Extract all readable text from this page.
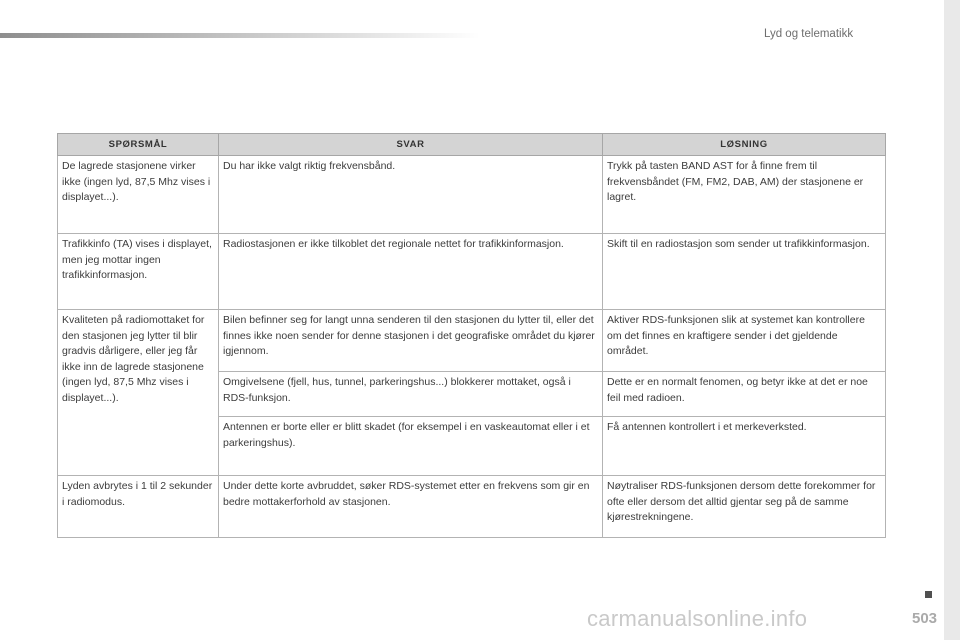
Lyd og telematikk
SPØRSMÅL	SVAR	LØSNING
De lagrede stasjonene virker ikke (ingen lyd, 87,5 Mhz vises i displayet...).	Du har ikke valgt riktig frekvensbånd.	Trykk på tasten BAND AST for å finne frem til frekvensbåndet (FM, FM2, DAB, AM) der stasjonene er lagret.
Trafikkinfo (TA) vises i displayet, men jeg mottar ingen trafikkinformasjon.	Radiostasjonen er ikke tilkoblet det regionale nettet for trafikkinformasjon.	Skift til en radiostasjon som sender ut trafikkinformasjon.
Kvaliteten på radiomottaket for den stasjonen jeg lytter til blir gradvis dårligere, eller jeg får ikke inn de lagrede stasjonene (ingen lyd, 87,5 Mhz vises i displayet...).	Bilen befinner seg for langt unna senderen til den stasjonen du lytter til, eller det finnes ikke noen sender for denne stasjonen i det geografiske området du kjører igjennom.	Aktiver RDS-funksjonen slik at systemet kan kontrollere om det finnes en kraftigere sender i det gjeldende området.
	Omgivelsene (fjell, hus, tunnel, parkeringshus...) blokkerer mottaket, også i RDS-funksjon.	Dette er en normalt fenomen, og betyr ikke at det er noe feil med radioen.
	Antennen er borte eller er blitt skadet (for eksempel i en vaskeautomat eller i et parkeringshus).	Få antennen kontrollert i et merkeverksted.
Lyden avbrytes i 1 til 2 sekunder i radiomodus.	Under dette korte avbruddet, søker RDS-systemet etter en frekvens som gir en bedre mottakerforhold av stasjonen.	Nøytraliser RDS-funksjonen dersom dette forekommer for ofte eller dersom det alltid gjentar seg på de samme kjørestrekningene.
503
carmanualsonline.info
